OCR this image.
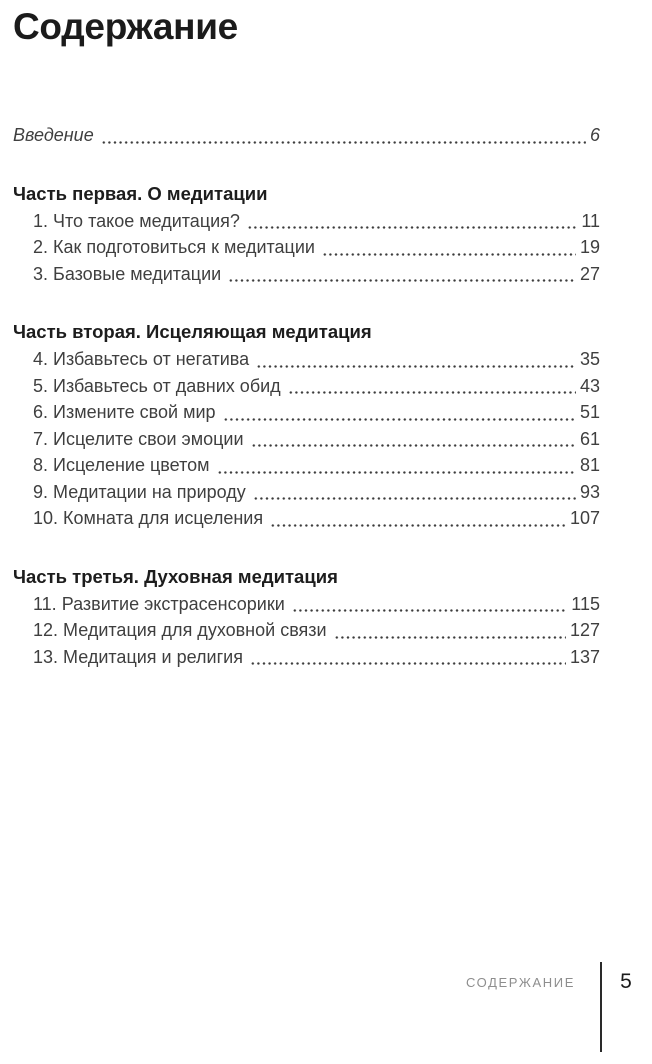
Содержание
Введение	6
Часть первая. О медитации
1. Что такое медитация?	11
2. Как подготовиться к медитации	19
3. Базовые медитации	27
Часть вторая. Исцеляющая медитация
4. Избавьтесь от негатива	35
5. Избавьтесь от давних обид	43
6. Измените свой мир	51
7. Исцелите свои эмоции	61
8. Исцеление цветом	81
9. Медитации на природу	93
10. Комната для исцеления	107
Часть третья. Духовная медитация
11. Развитие экстрасенсорики	115
12. Медитация для духовной связи	127
13. Медитация и религия	137
СОДЕРЖАНИЕ	5
